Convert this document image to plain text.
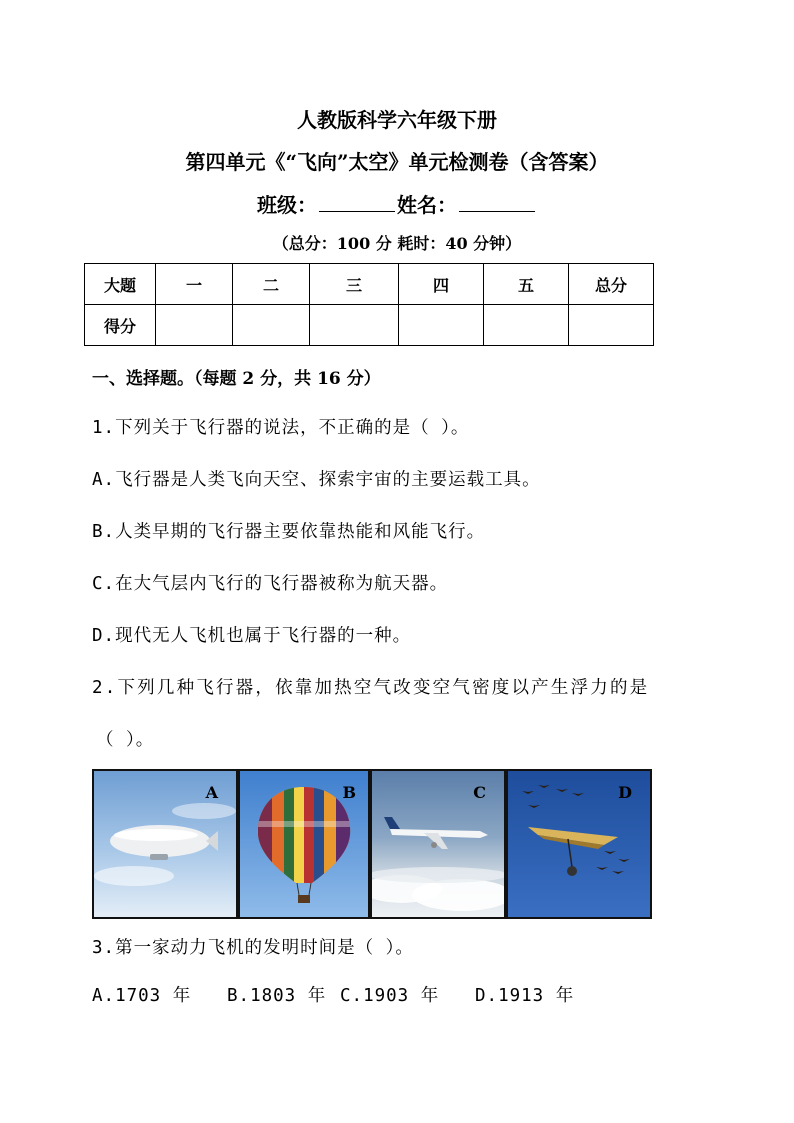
人教版科学六年级下册
第四单元《“飞向”太空》单元检测卷（含答案）
班级：	姓名：
（总分：100 分 耗时：40 分钟）
大题	一	二	三	四	五	总分
得分						
一、选择题。（每题 2 分，共 16 分）
1.下列关于飞行器的说法，不正确的是（ ）。
A.飞行器是人类飞向天空、探索宇宙的主要运载工具。
B.人类早期的飞行器主要依靠热能和风能飞行。
C.在大气层内飞行的飞行器被称为航天器。
D.现代无人飞机也属于飞行器的一种。
2.下列几种飞行器，依靠加热空气改变空气密度以产生浮力的是
（ ）。
A	B	C	D
3.第一家动力飞机的发明时间是（ ）。
A.1703 年 B.1803 年 C.1903 年 D.1913 年
